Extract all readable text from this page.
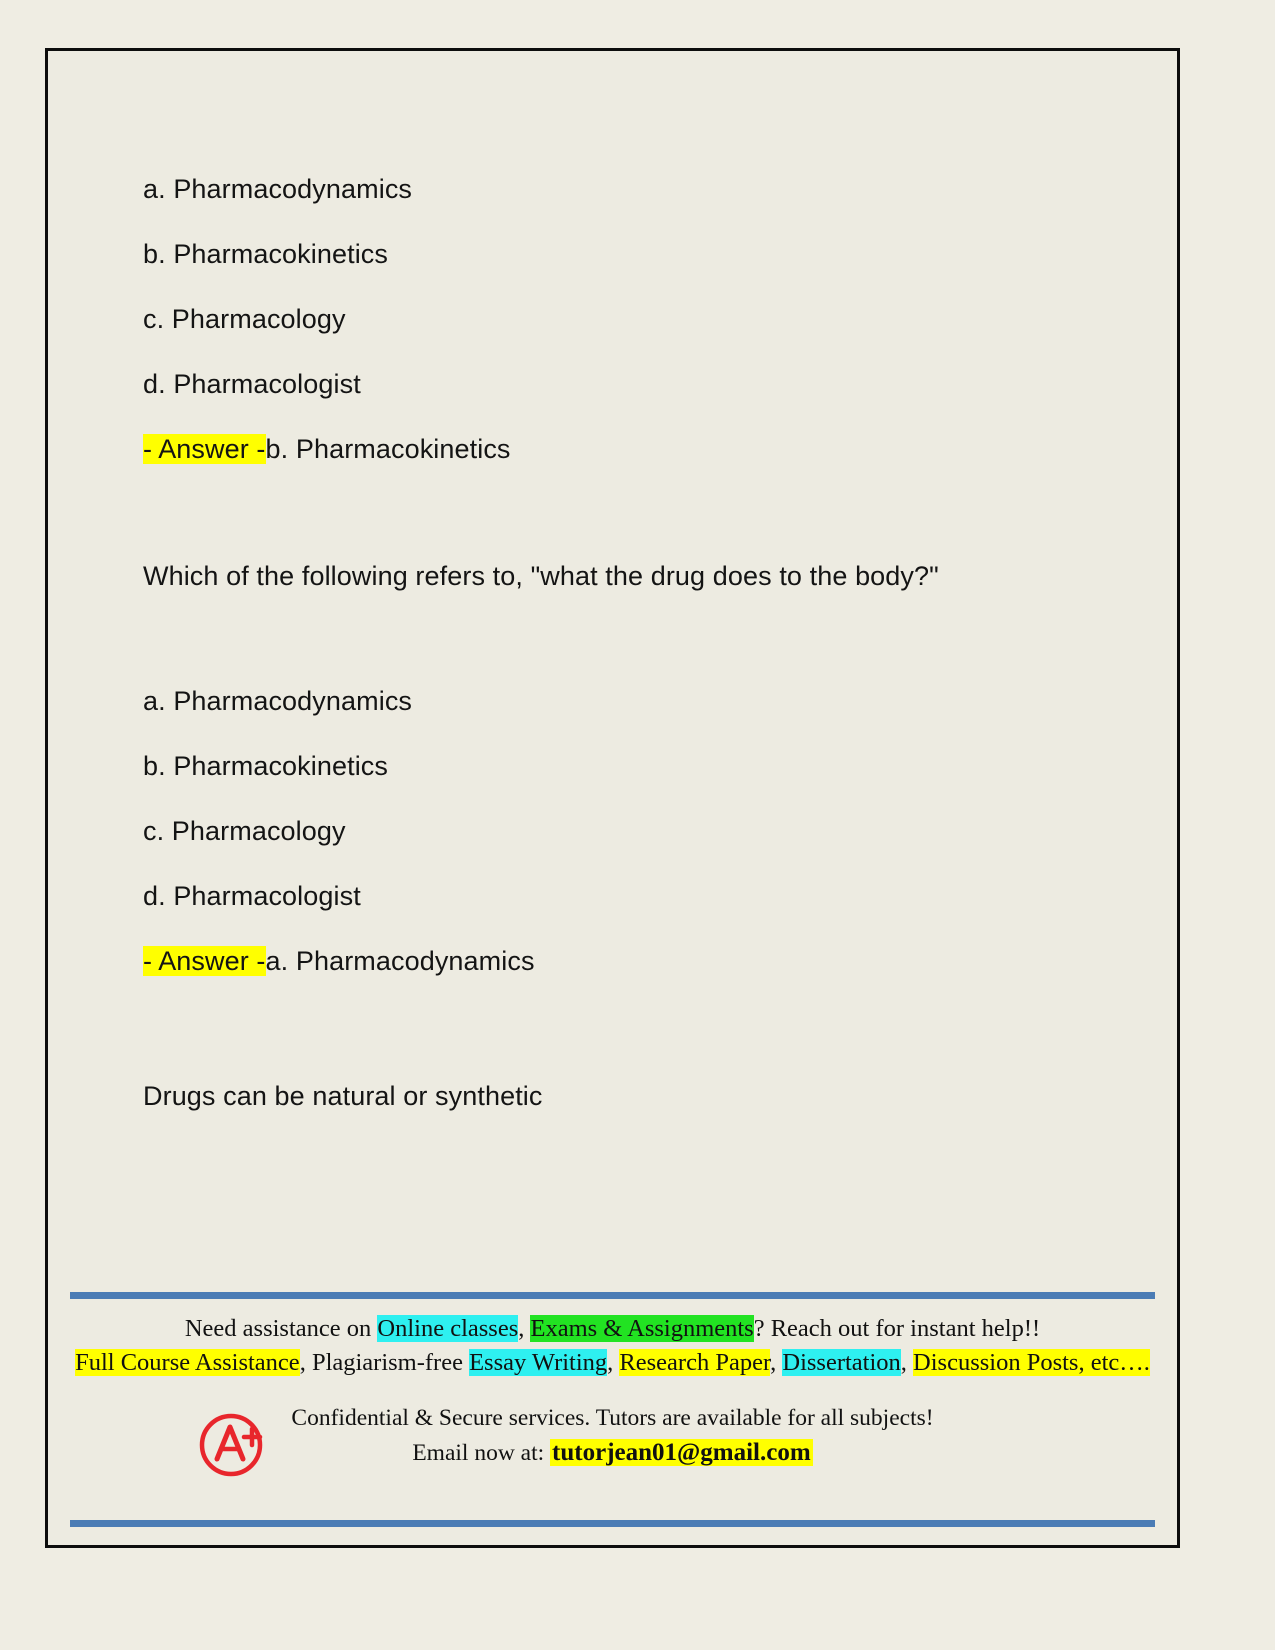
a. Pharmacodynamics
b. Pharmacokinetics
c. Pharmacology
d. Pharmacologist
- Answer -b. Pharmacokinetics
Which of the following refers to, "what the drug does to the body?"
a. Pharmacodynamics
b. Pharmacokinetics
c. Pharmacology
d. Pharmacologist
- Answer -a. Pharmacodynamics
Drugs can be natural or synthetic
Need assistance on Online classes, Exams & Assignments? Reach out for instant help!!
Full Course Assistance, Plagiarism-free Essay Writing, Research Paper, Dissertation, Discussion Posts, etc….
Confidential & Secure services. Tutors are available for all subjects!
Email now at: tutorjean01@gmail.com
